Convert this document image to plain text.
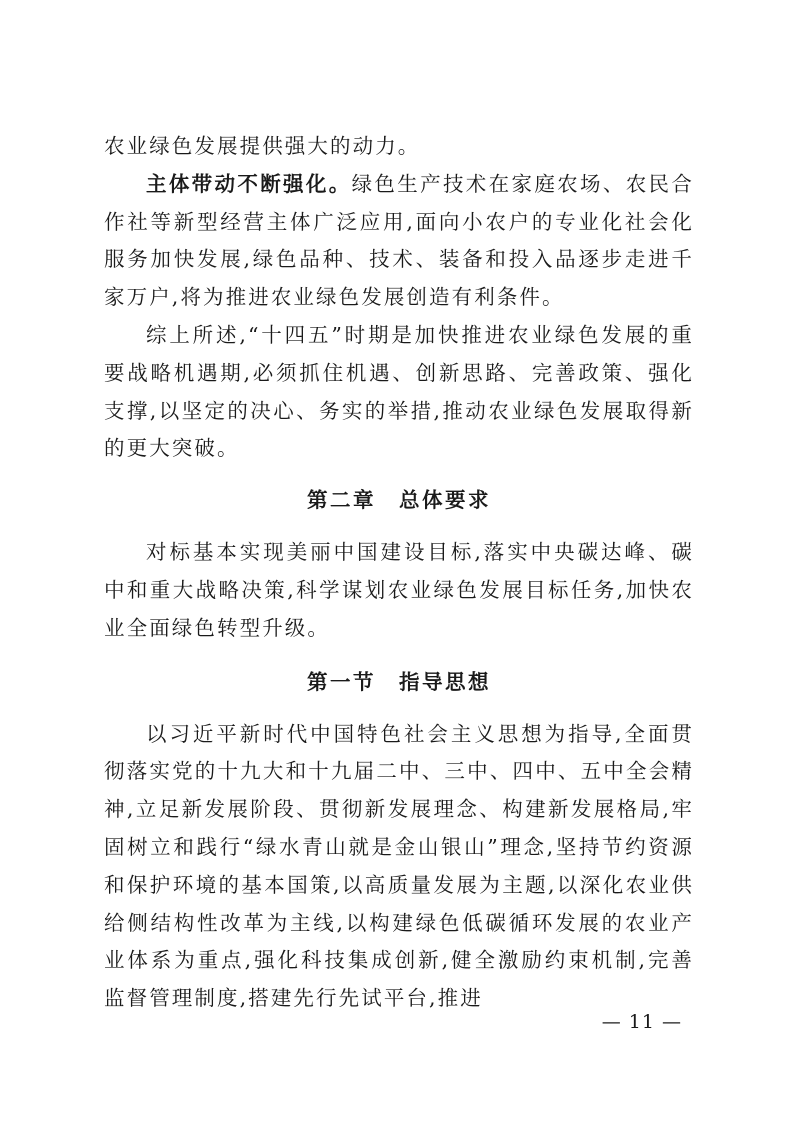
农业绿色发展提供强大的动力。

主体带动不断强化。绿色生产技术在家庭农场、农民合作社等新型经营主体广泛应用,面向小农户的专业化社会化服务加快发展,绿色品种、技术、装备和投入品逐步走进千家万户,将为推进农业绿色发展创造有利条件。

综上所述,“十四五”时期是加快推进农业绿色发展的重要战略机遇期,必须抓住机遇、创新思路、完善政策、强化支撑,以坚定的决心、务实的举措,推动农业绿色发展取得新的更大突破。

第二章　总体要求

对标基本实现美丽中国建设目标,落实中央碳达峰、碳中和重大战略决策,科学谋划农业绿色发展目标任务,加快农业全面绿色转型升级。

第一节　指导思想

以习近平新时代中国特色社会主义思想为指导,全面贯彻落实党的十九大和十九届二中、三中、四中、五中全会精神,立足新发展阶段、贯彻新发展理念、构建新发展格局,牢固树立和践行“绿水青山就是金山银山”理念,坚持节约资源和保护环境的基本国策,以高质量发展为主题,以深化农业供给侧结构性改革为主线,以构建绿色低碳循环发展的农业产业体系为重点,强化科技集成创新,健全激励约束机制,完善监督管理制度,搭建先行先试平台,推进

— 11 —
